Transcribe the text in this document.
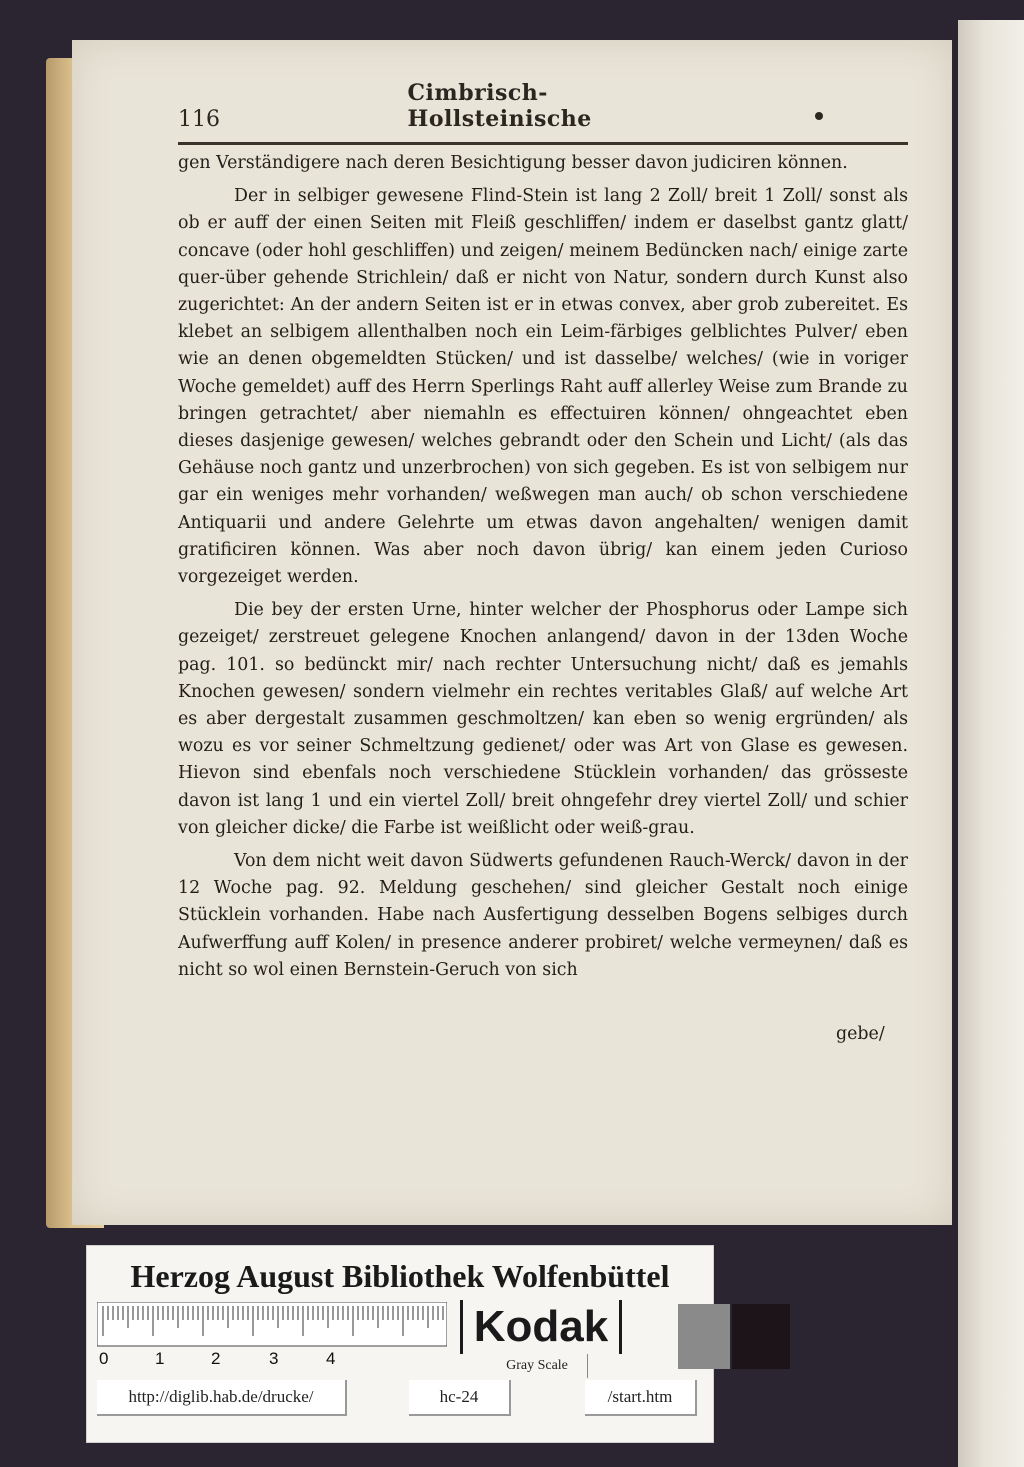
116
Cimbrisch-Hollsteinische

gen Verständigere nach deren Besichtigung besser davon judiciren können.

Der in selbiger gewesene Flind-Stein ist lang 2 Zoll/ breit 1 Zoll/ sonst als ob er auff der einen Seiten mit Fleiß geschliffen/ indem er daselbst gantz glatt/ concave (oder hohl geschliffen) und zeigen/ meinem Bedüncken nach/ einige zarte quer-über gehende Strichlein/ daß er nicht von Natur, sondern durch Kunst also zugerichtet: An der andern Seiten ist er in etwas convex, aber grob zubereitet. Es klebet an selbigem allenthalben noch ein Leim-färbiges gelblichtes Pulver/ eben wie an denen obgemeldten Stücken/ und ist dasselbe/ welches/ (wie in voriger Woche gemeldet) auff des Herrn Sperlings Raht auff allerley Weise zum Brande zu bringen getrachtet/ aber niemahln es effectuiren können/ ohngeachtet eben dieses dasjenige gewesen/ welches gebrandt oder den Schein und Licht/ (als das Gehäuse noch gantz und unzerbrochen) von sich gegeben. Es ist von selbigem nur gar ein weniges mehr vorhanden/ weßwegen man auch/ ob schon verschiedene Antiquarii und andere Gelehrte um etwas davon angehalten/ wenigen damit gratificiren können. Was aber noch davon übrig/ kan einem jeden Curioso vorgezeiget werden.

Die bey der ersten Urne, hinter welcher der Phosphorus oder Lampe sich gezeiget/ zerstreuet gelegene Knochen anlangend/ davon in der 13den Woche pag. 101. so bedünckt mir/ nach rechter Untersuchung nicht/ daß es jemahls Knochen gewesen/ sondern vielmehr ein rechtes veritables Glaß/ auf welche Art es aber dergestalt zusammen geschmoltzen/ kan eben so wenig ergründen/ als wozu es vor seiner Schmeltzung gedienet/ oder was Art von Glase es gewesen. Hievon sind ebenfals noch verschiedene Stücklein vorhanden/ das grösseste davon ist lang 1 und ein viertel Zoll/ breit ohngefehr drey viertel Zoll/ und schier von gleicher dicke/ die Farbe ist weißlicht oder weiß-grau.

Von dem nicht weit davon Südwerts gefundenen Rauch-Werck/ davon in der 12 Woche pag. 92. Meldung geschehen/ sind gleicher Gestalt noch einige Stücklein vorhanden. Habe nach Ausfertigung desselben Bogens selbiges durch Aufwerffung auff Kolen/ in presence anderer probiret/ welche vermeynen/ daß es nicht so wol einen Bernstein-Geruch von sich

gebe/
Herzog August Bibliothek Wolfenbüttel
0	1	2	3	4
Kodak
Gray Scale
http://diglib.hab.de/drucke/	hc-24	/start.htm
